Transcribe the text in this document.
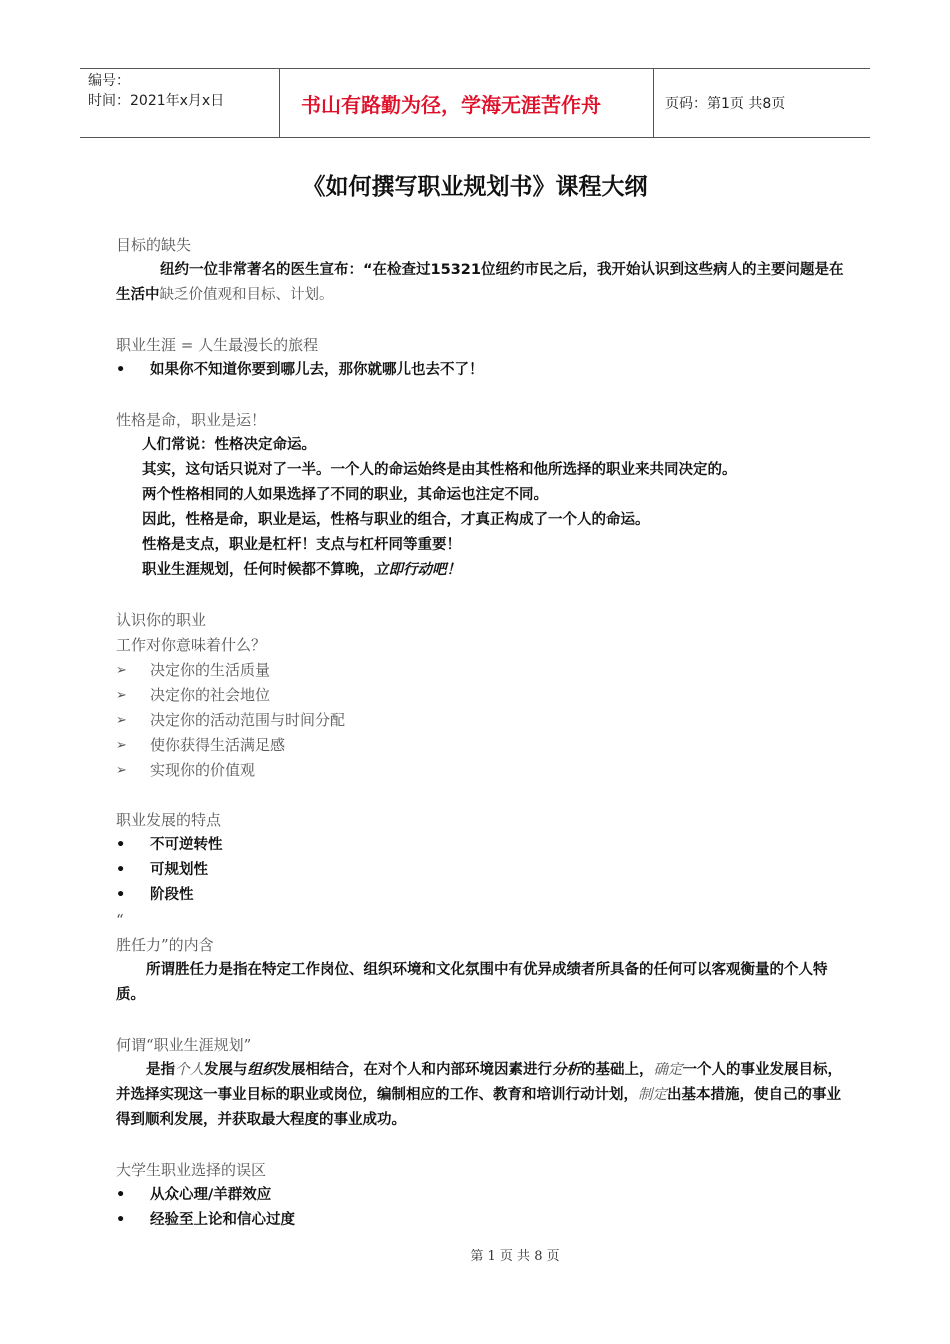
编号：
时间：2021年x月x日	书山有路勤为径，学海无涯苦作舟	页码：第1页 共8页
《如何撰写职业规划书》课程大纲
目标的缺失
纽约一位非常著名的医生宣布：“在检查过15321位纽约市民之后，我开始认识到这些病人的主要问题是在生活中缺乏价值观和目标、计划。
职业生涯 = 人生最漫长的旅程
• 如果你不知道你要到哪儿去，那你就哪儿也去不了！
性格是命，职业是运！
人们常说：性格决定命运。
其实，这句话只说对了一半。一个人的命运始终是由其性格和他所选择的职业来共同决定的。
两个性格相同的人如果选择了不同的职业，其命运也注定不同。
因此，性格是命，职业是运，性格与职业的组合，才真正构成了一个人的命运。
性格是支点，职业是杠杆！支点与杠杆同等重要！
职业生涯规划，任何时候都不算晚，立即行动吧！
认识你的职业
工作对你意味着什么？
➢ 决定你的生活质量
➢ 决定你的社会地位
➢ 决定你的活动范围与时间分配
➢ 使你获得生活满足感
➢ 实现你的价值观
职业发展的特点
• 不可逆转性
• 可规划性
• 阶段性
“
胜任力”的内含
所谓胜任力是指在特定工作岗位、组织环境和文化氛围中有优异成绩者所具备的任何可以客观衡量的个人特质。
何谓“职业生涯规划”
是指个人发展与组织发展相结合，在对个人和内部环境因素进行分析的基础上，确定一个人的事业发展目标，并选择实现这一事业目标的职业或岗位，编制相应的工作、教育和培训行动计划，制定出基本措施，使自己的事业得到顺利发展，并获取最大程度的事业成功。
大学生职业选择的误区
• 从众心理/羊群效应
• 经验至上论和信心过度
第 1 页 共 8 页
